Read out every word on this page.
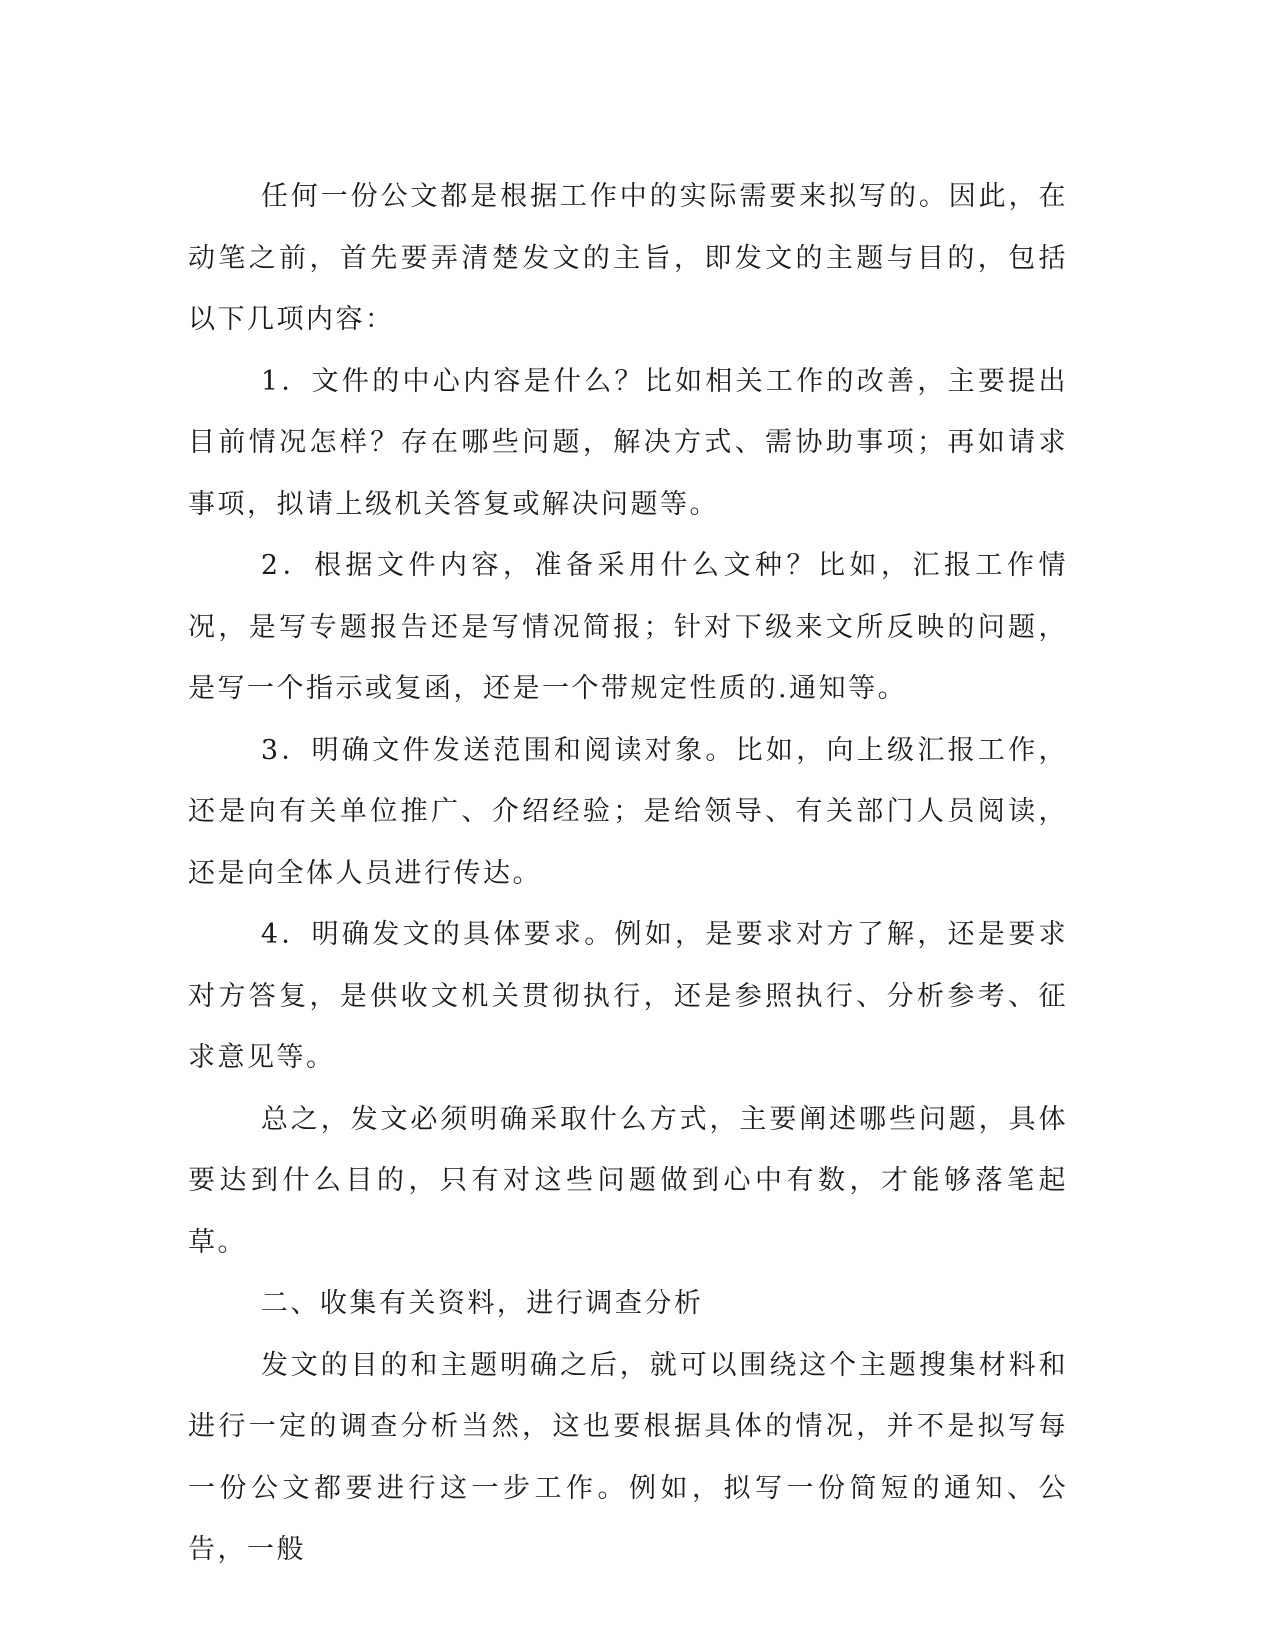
任何一份公文都是根据工作中的实际需要来拟写的。因此，在动笔之前，首先要弄清楚发文的主旨，即发文的主题与目的，包括以下几项内容：

1．文件的中心内容是什么？比如相关工作的改善，主要提出目前情况怎样？存在哪些问题，解决方式、需协助事项；再如请求事项，拟请上级机关答复或解决问题等。

2．根据文件内容，准备采用什么文种？比如，汇报工作情况，是写专题报告还是写情况简报；针对下级来文所反映的问题，是写一个指示或复函，还是一个带规定性质的.通知等。

3．明确文件发送范围和阅读对象。比如，向上级汇报工作，还是向有关单位推广、介绍经验；是给领导、有关部门人员阅读，还是向全体人员进行传达。

4．明确发文的具体要求。例如，是要求对方了解，还是要求对方答复，是供收文机关贯彻执行，还是参照执行、分析参考、征求意见等。

总之，发文必须明确采取什么方式，主要阐述哪些问题，具体要达到什么目的，只有对这些问题做到心中有数，才能够落笔起草。

二、收集有关资料，进行调查分析

发文的目的和主题明确之后，就可以围绕这个主题搜集材料和进行一定的调查分析当然，这也要根据具体的情况，并不是拟写每一份公文都要进行这一步工作。例如，拟写一份简短的通知、公告，一般
